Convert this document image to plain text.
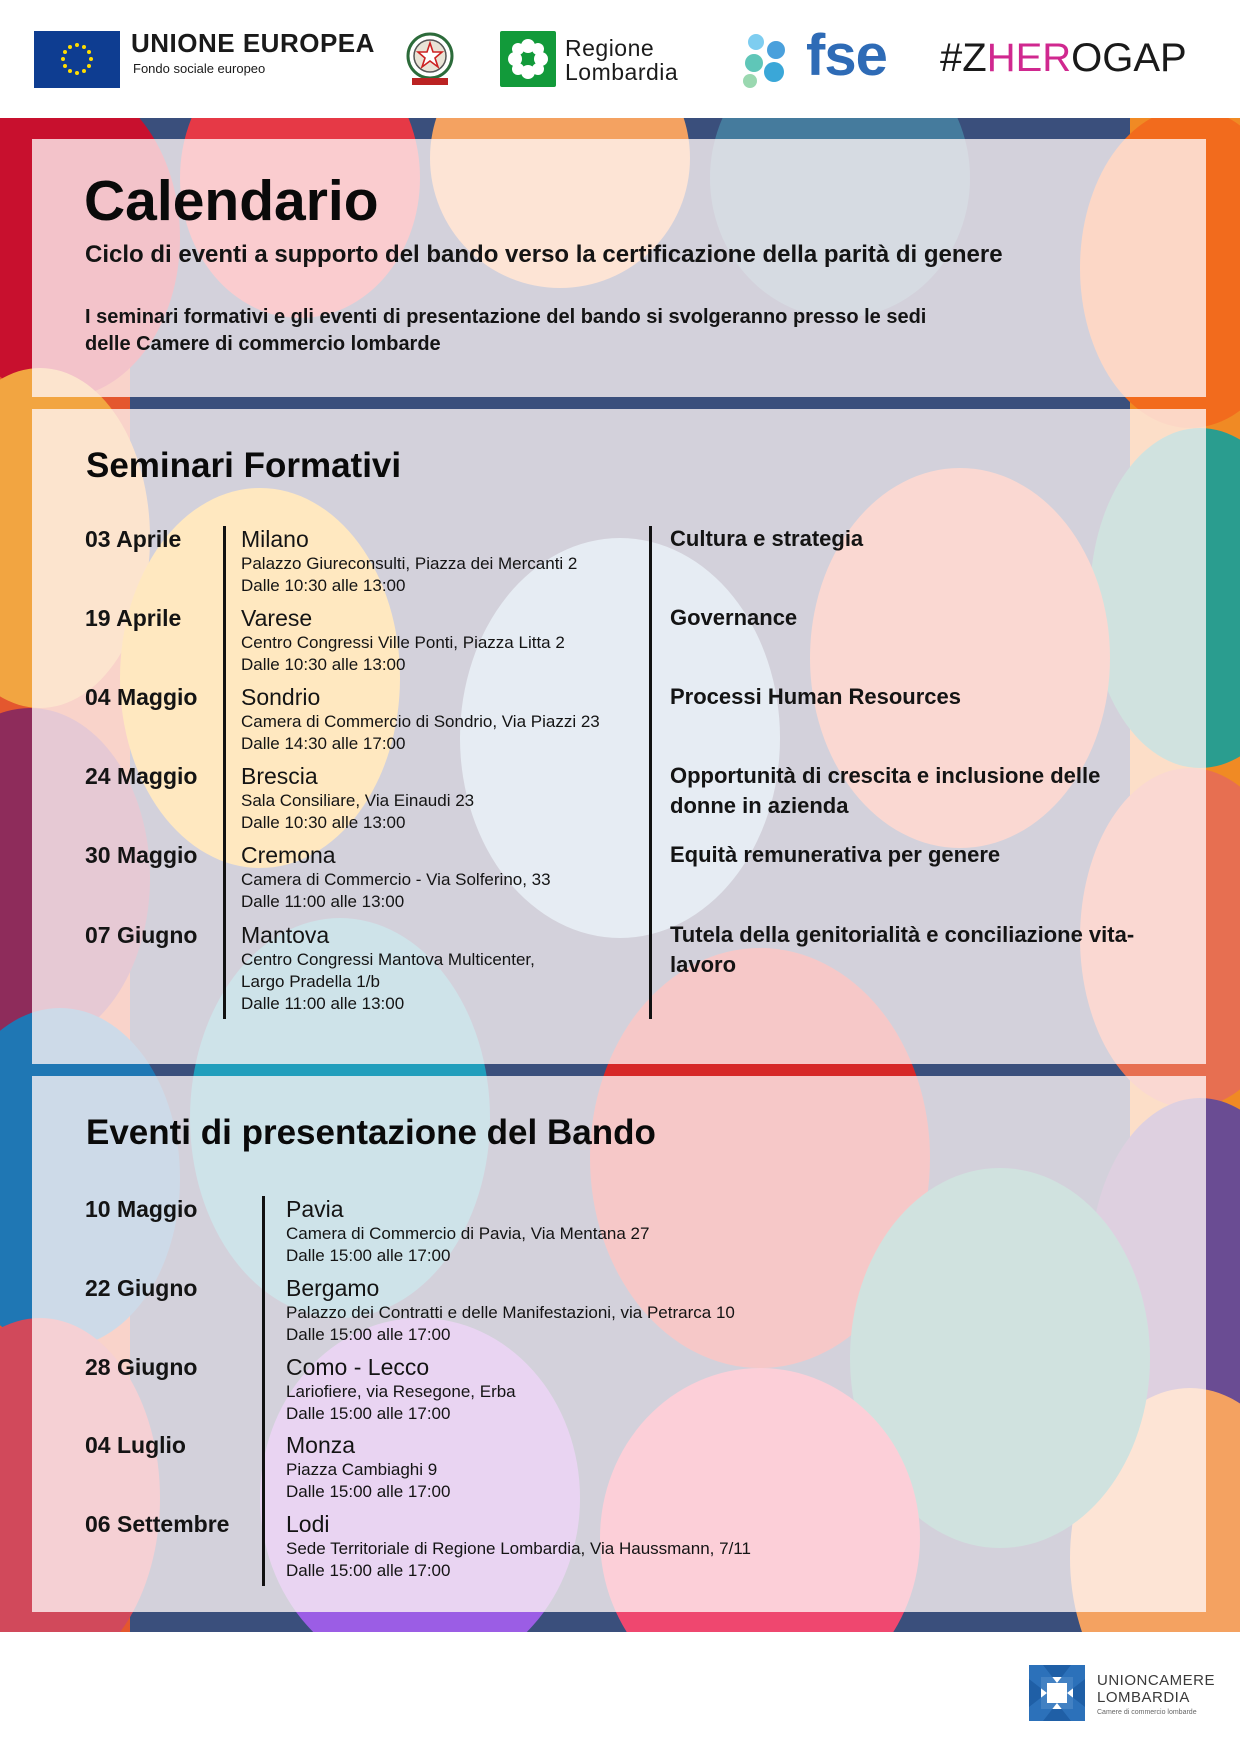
UNIONE EUROPEA
Fondo sociale europeo
Regione
Lombardia fse #ZHEROGAP
Calendario
Ciclo di eventi a supporto del bando verso la certificazione della parità di genere
I seminari formativi e gli eventi di presentazione del bando si svolgeranno presso le sedi
delle Camere di commercio lombarde
Seminari Formativi
03 Aprile	Milano
Palazzo Giureconsulti, Piazza dei Mercanti 2
Dalle 10:30 alle 13:00
Cultura e strategia
19 Aprile	Varese
Centro Congressi Ville Ponti, Piazza Litta 2
Dalle 10:30 alle 13:00
Governance
04 Maggio Sondrio
Camera di Commercio di Sondrio, Via Piazzi 23
Dalle 14:30 alle 17:00
Processi Human Resources
24 Maggio Brescia
Sala Consiliare, Via Einaudi 23
Dalle 10:30 alle 13:00
Opportunità di crescita e inclusione delle donne in azienda
30 Maggio Cremona
Camera di Commercio - Via Solferino, 33
Dalle 11:00 alle 13:00
Equità remunerativa per genere
07 Giugno Mantova
Centro Congressi Mantova Multicenter,
Largo Pradella 1/b
Dalle 11:00 alle 13:00
Tutela della genitorialità e conciliazione vita-lavoro
Eventi di presentazione del Bando
10 Maggio	Pavia
Camera di Commercio di Pavia, Via Mentana 27
Dalle 15:00 alle 17:00
22 Giugno	Bergamo
Palazzo dei Contratti e delle Manifestazioni, via Petrarca 10
Dalle 15:00 alle 17:00
28 Giugno	Como - Lecco
Lariofiere, via Resegone, Erba
Dalle 15:00 alle 17:00
04 Luglio	Monza
Piazza Cambiaghi 9
Dalle 15:00 alle 17:00
06 Settembre Lodi
Sede Territoriale di Regione Lombardia, Via Haussmann, 7/11
Dalle 15:00 alle 17:00
UNIONCAMERE
LOMBARDIA
Camere di commercio lombarde
